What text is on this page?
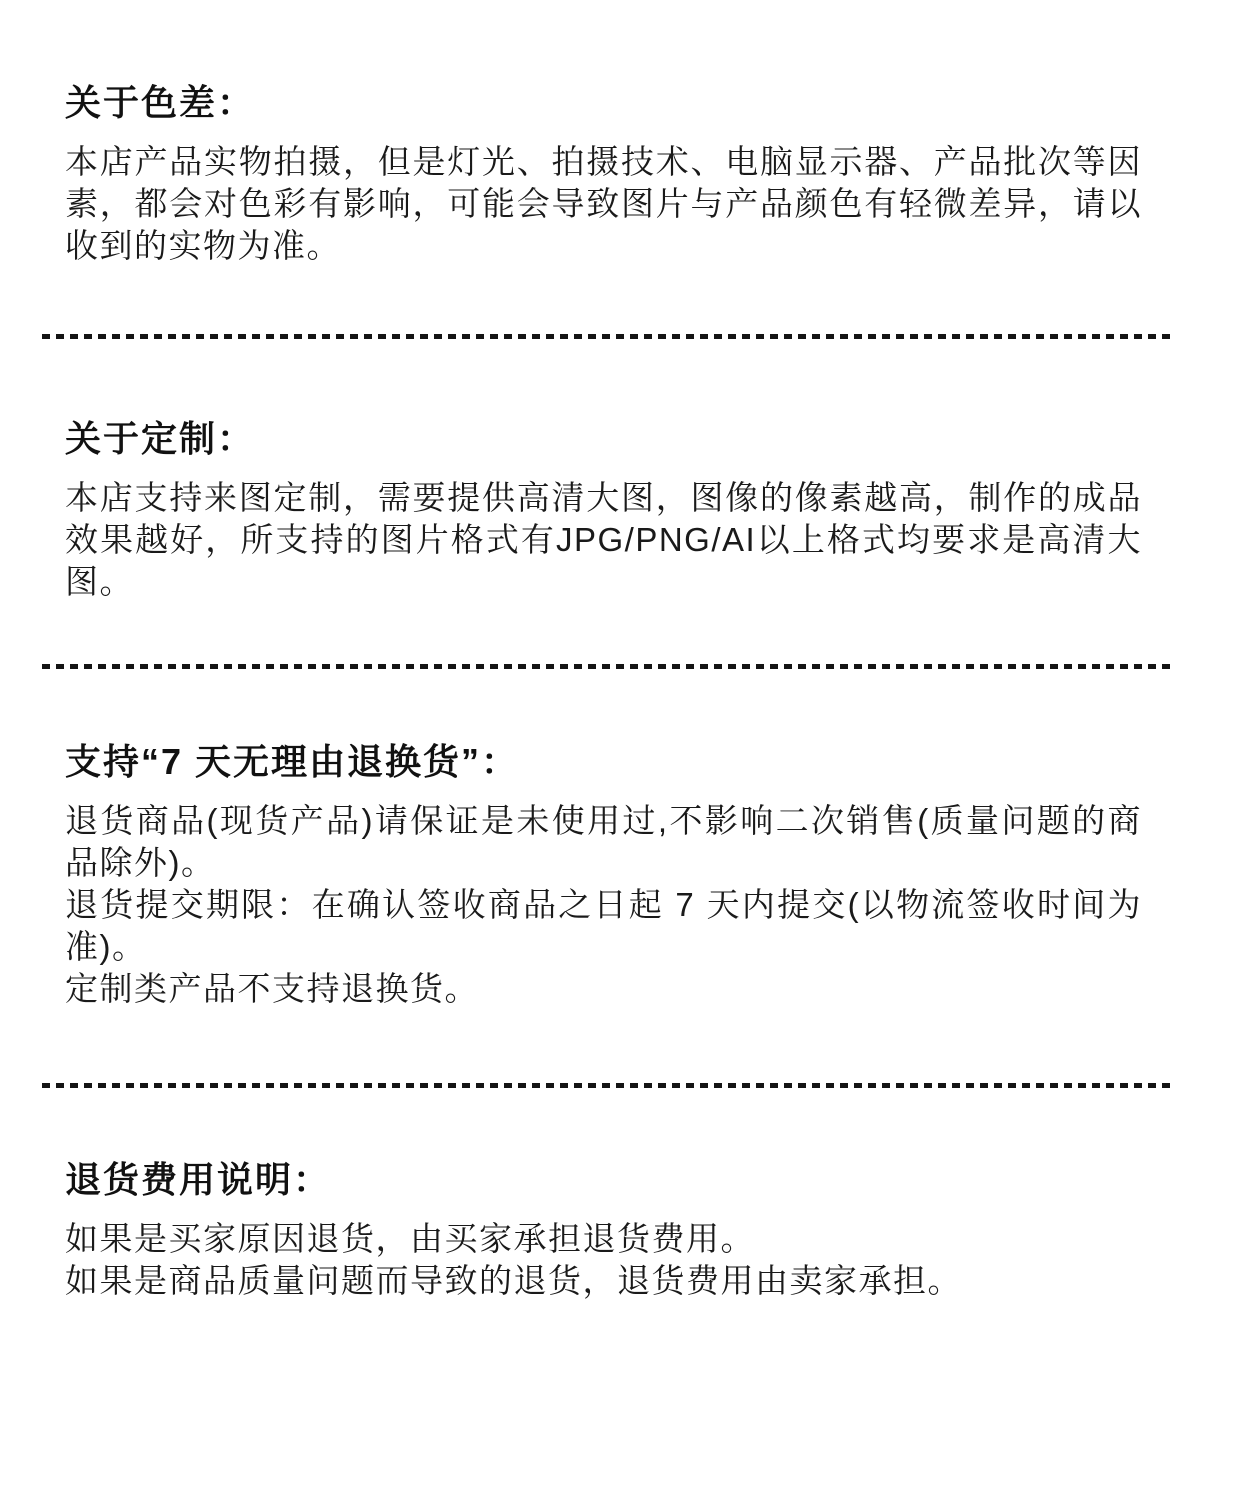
关于色差：

本店产品实物拍摄，但是灯光、拍摄技术、电脑显示器、产品批次等因素，都会对色彩有影响，可能会导致图片与产品颜色有轻微差异，请以收到的实物为准。

关于定制：

本店支持来图定制，需要提供高清大图，图像的像素越高，制作的成品效果越好，所支持的图片格式有JPG/PNG/AI以上格式均要求是高清大图。

支持“7 天无理由退换货”：

退货商品(现货产品)请保证是未使用过,不影响二次销售(质量问题的商品除外)。

退货提交期限：在确认签收商品之日起 7 天内提交(以物流签收时间为准)。

定制类产品不支持退换货。

退货费用说明：

如果是买家原因退货，由买家承担退货费用。

如果是商品质量问题而导致的退货，退货费用由卖家承担。
